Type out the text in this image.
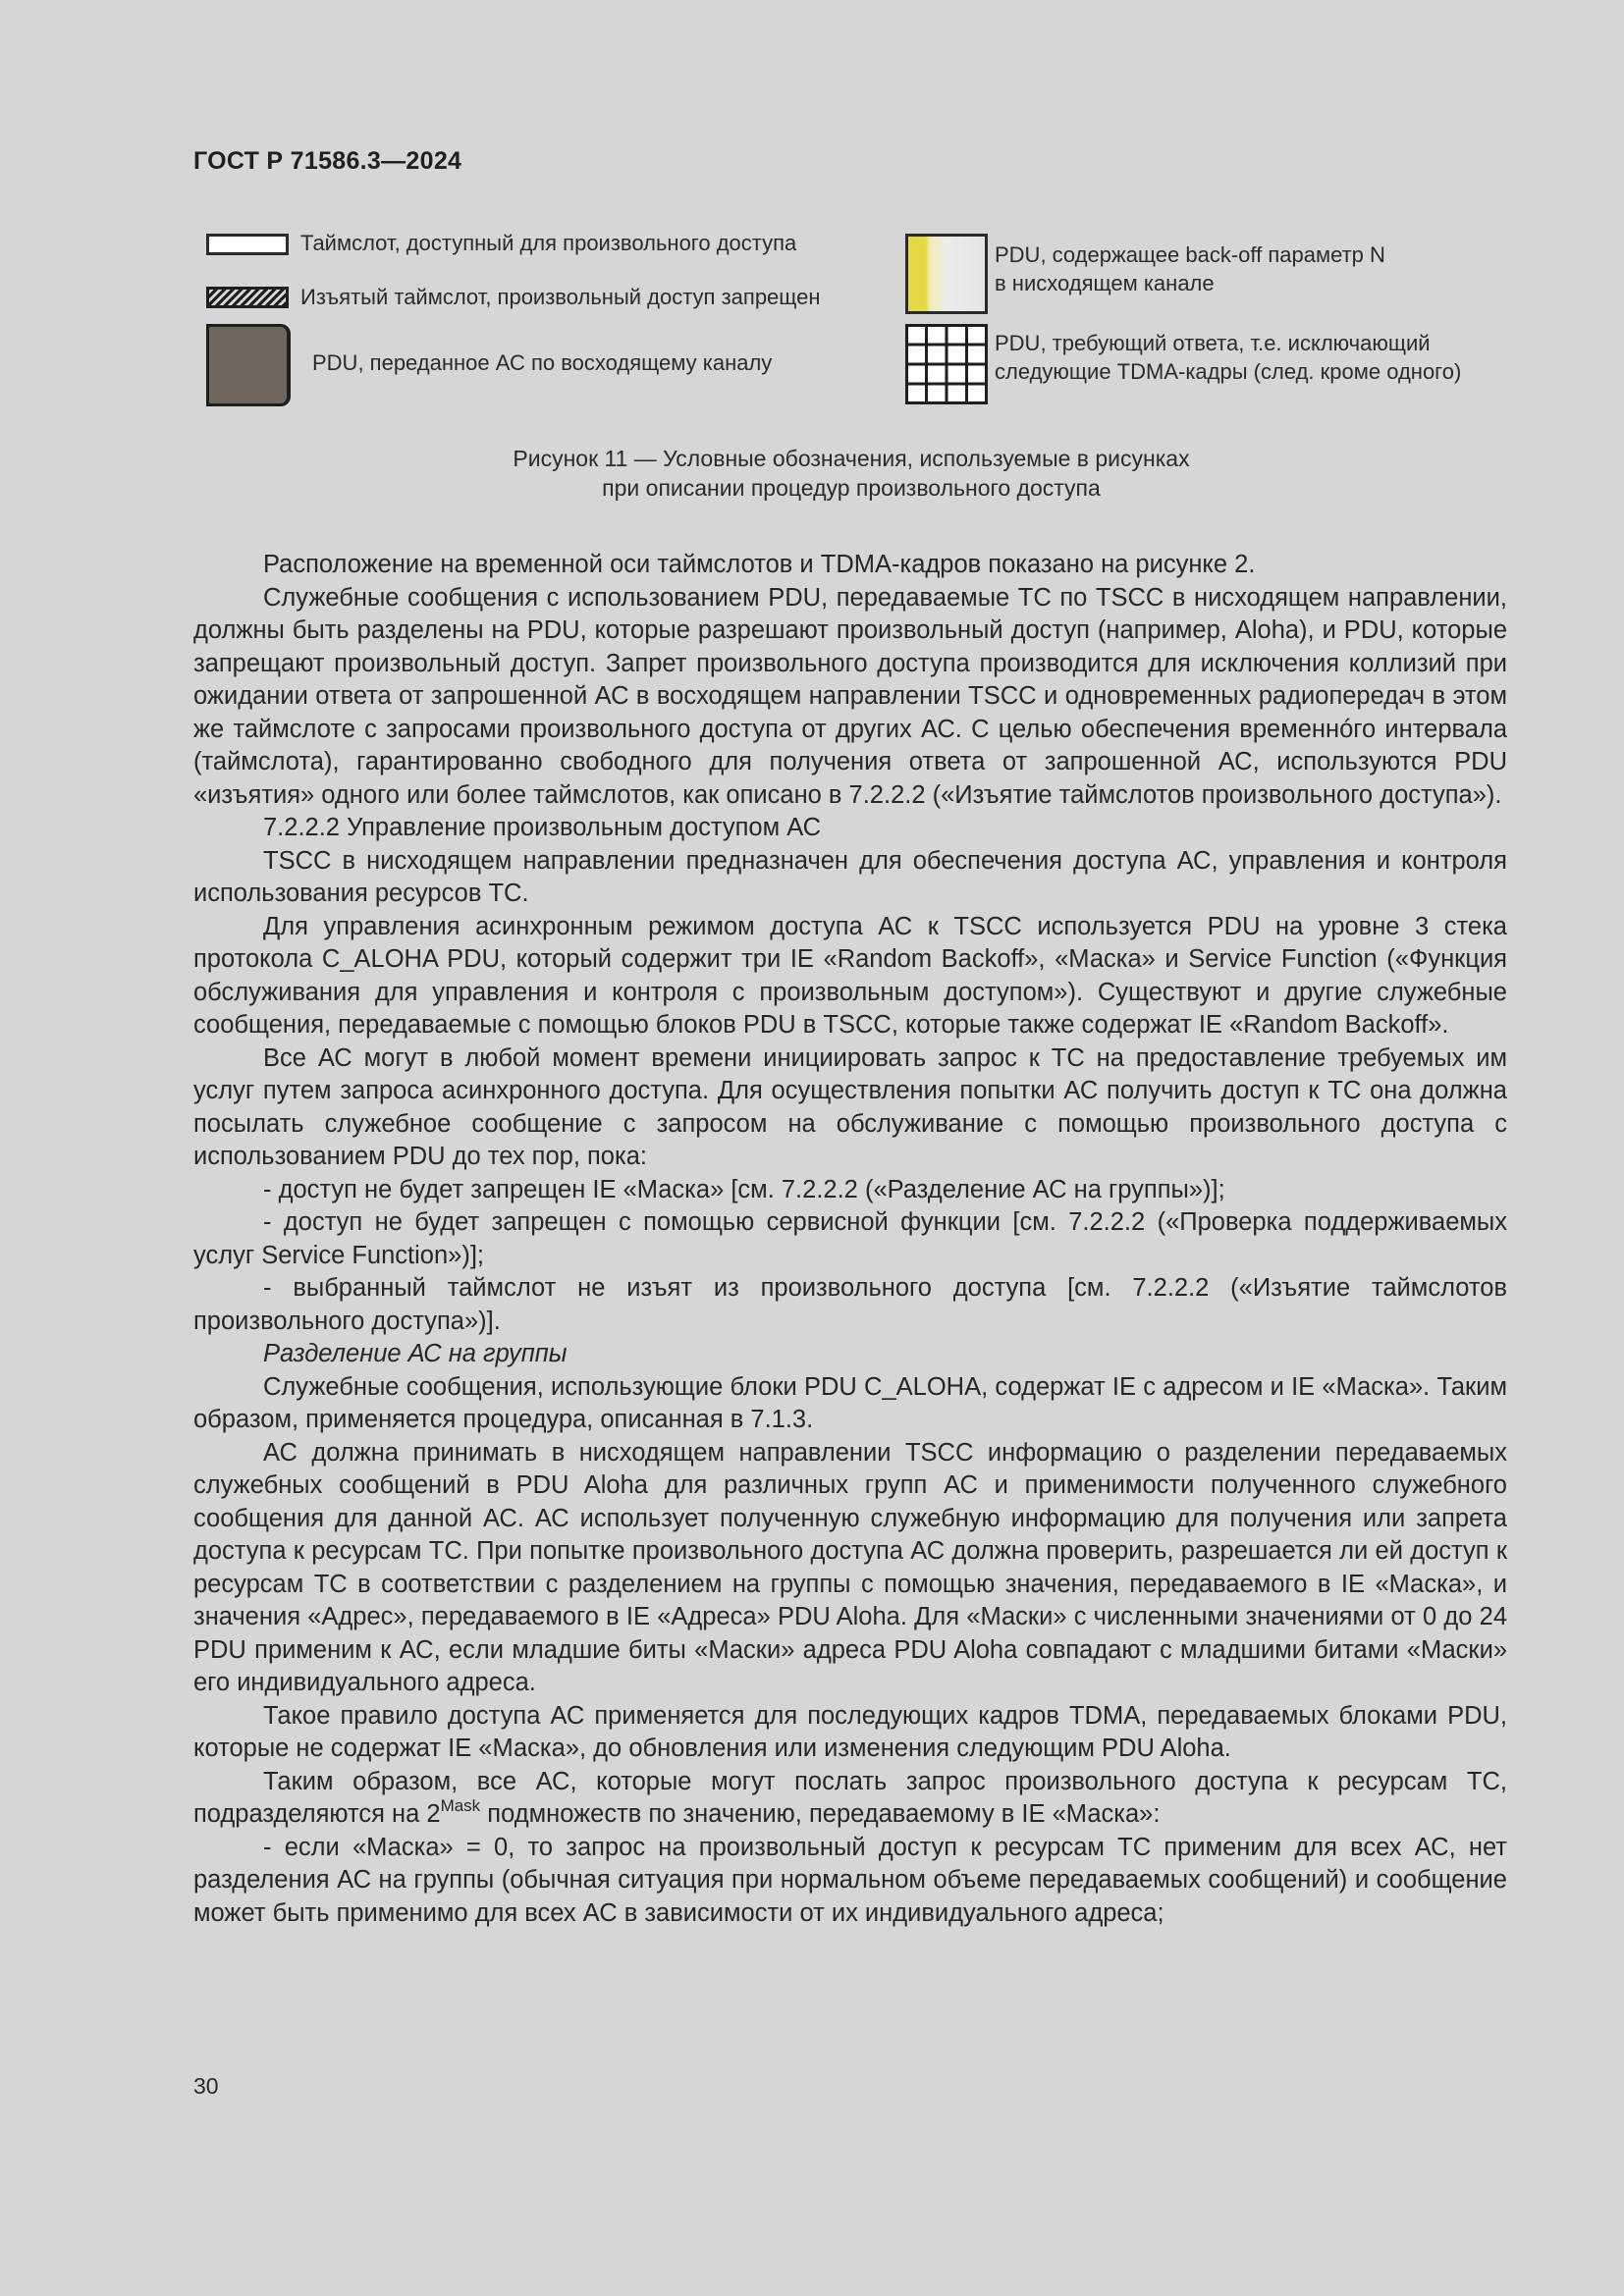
ГОСТ Р 71586.3—2024
Таймслот, доступный для произвольного доступа
Изъятый таймслот, произвольный доступ запрещен
PDU, переданное АС по восходящему каналу
PDU, содержащее back-off параметр N
в нисходящем канале
PDU, требующий ответа, т.е. исключающий
следующие TDMA-кадры (след. кроме одного)
Рисунок 11 — Условные обозначения, используемые в рисунках
при описании процедур произвольного доступа

Расположение на временной оси таймслотов и TDMA-кадров показано на рисунке 2.

Служебные сообщения с использованием PDU, передаваемые ТС по TSCC в нисходящем направлении, должны быть разделены на PDU, которые разрешают произвольный доступ (например, Aloha), и PDU, которые запрещают произвольный доступ. Запрет произвольного доступа производится для исключения коллизий при ожидании ответа от запрошенной АС в восходящем направлении TSCC и одновременных радиопередач в этом же таймслоте с запросами произвольного доступа от других АС. С целью обеспечения временнóго интервала (таймслота), гарантированно свободного для получения ответа от запрошенной АС, используются PDU «изъятия» одного или более таймслотов, как описано в 7.2.2.2 («Изъятие таймслотов произвольного доступа»).

7.2.2.2 Управление произвольным доступом АС

TSCC в нисходящем направлении предназначен для обеспечения доступа АС, управления и контроля использования ресурсов ТС.

Для управления асинхронным режимом доступа АС к TSCC используется PDU на уровне 3 стека протокола C_ALOHA PDU, который содержит три IE «Random Backoff», «Маска» и Service Function («Функция обслуживания для управления и контроля с произвольным доступом»). Существуют и другие служебные сообщения, передаваемые с помощью блоков PDU в TSCC, которые также содержат IE «Random Backoff».

Все АС могут в любой момент времени инициировать запрос к ТС на предоставление требуемых им услуг путем запроса асинхронного доступа. Для осуществления попытки АС получить доступ к ТС она должна посылать служебное сообщение с запросом на обслуживание с помощью произвольного доступа с использованием PDU до тех пор, пока:

- доступ не будет запрещен IE «Маска» [см. 7.2.2.2 («Разделение АС на группы»)];

- доступ не будет запрещен с помощью сервисной функции [см. 7.2.2.2 («Проверка поддерживаемых услуг Service Function»)];

- выбранный таймслот не изъят из произвольного доступа [см. 7.2.2.2 («Изъятие таймслотов произвольного доступа»)].

Разделение АС на группы

Служебные сообщения, использующие блоки PDU C_ALOHA, содержат IE с адресом и IE «Маска». Таким образом, применяется процедура, описанная в 7.1.3.

АС должна принимать в нисходящем направлении TSCC информацию о разделении передаваемых служебных сообщений в PDU Aloha для различных групп АС и применимости полученного служебного сообщения для данной АС. АС использует полученную служебную информацию для получения или запрета доступа к ресурсам ТС. При попытке произвольного доступа АС должна проверить, разрешается ли ей доступ к ресурсам ТС в соответствии с разделением на группы с помощью значения, передаваемого в IE «Маска», и значения «Адрес», передаваемого в IE «Адреса» PDU Aloha. Для «Маски» с численными значениями от 0 до 24 PDU применим к АС, если младшие биты «Маски» адреса PDU Aloha совпадают с младшими битами «Маски» его индивидуального адреса.

Такое правило доступа АС применяется для последующих кадров TDMA, передаваемых блоками PDU, которые не содержат IE «Маска», до обновления или изменения следующим PDU Aloha.

Таким образом, все АС, которые могут послать запрос произвольного доступа к ресурсам ТС, подразделяются на $2^{Mask}$ подмножеств по значению, передаваемому в IE «Маска»:

- если «Маска» = 0, то запрос на произвольный доступ к ресурсам ТС применим для всех АС, нет разделения АС на группы (обычная ситуация при нормальном объеме передаваемых сообщений) и сообщение может быть применимо для всех АС в зависимости от их индивидуального адреса;

30
